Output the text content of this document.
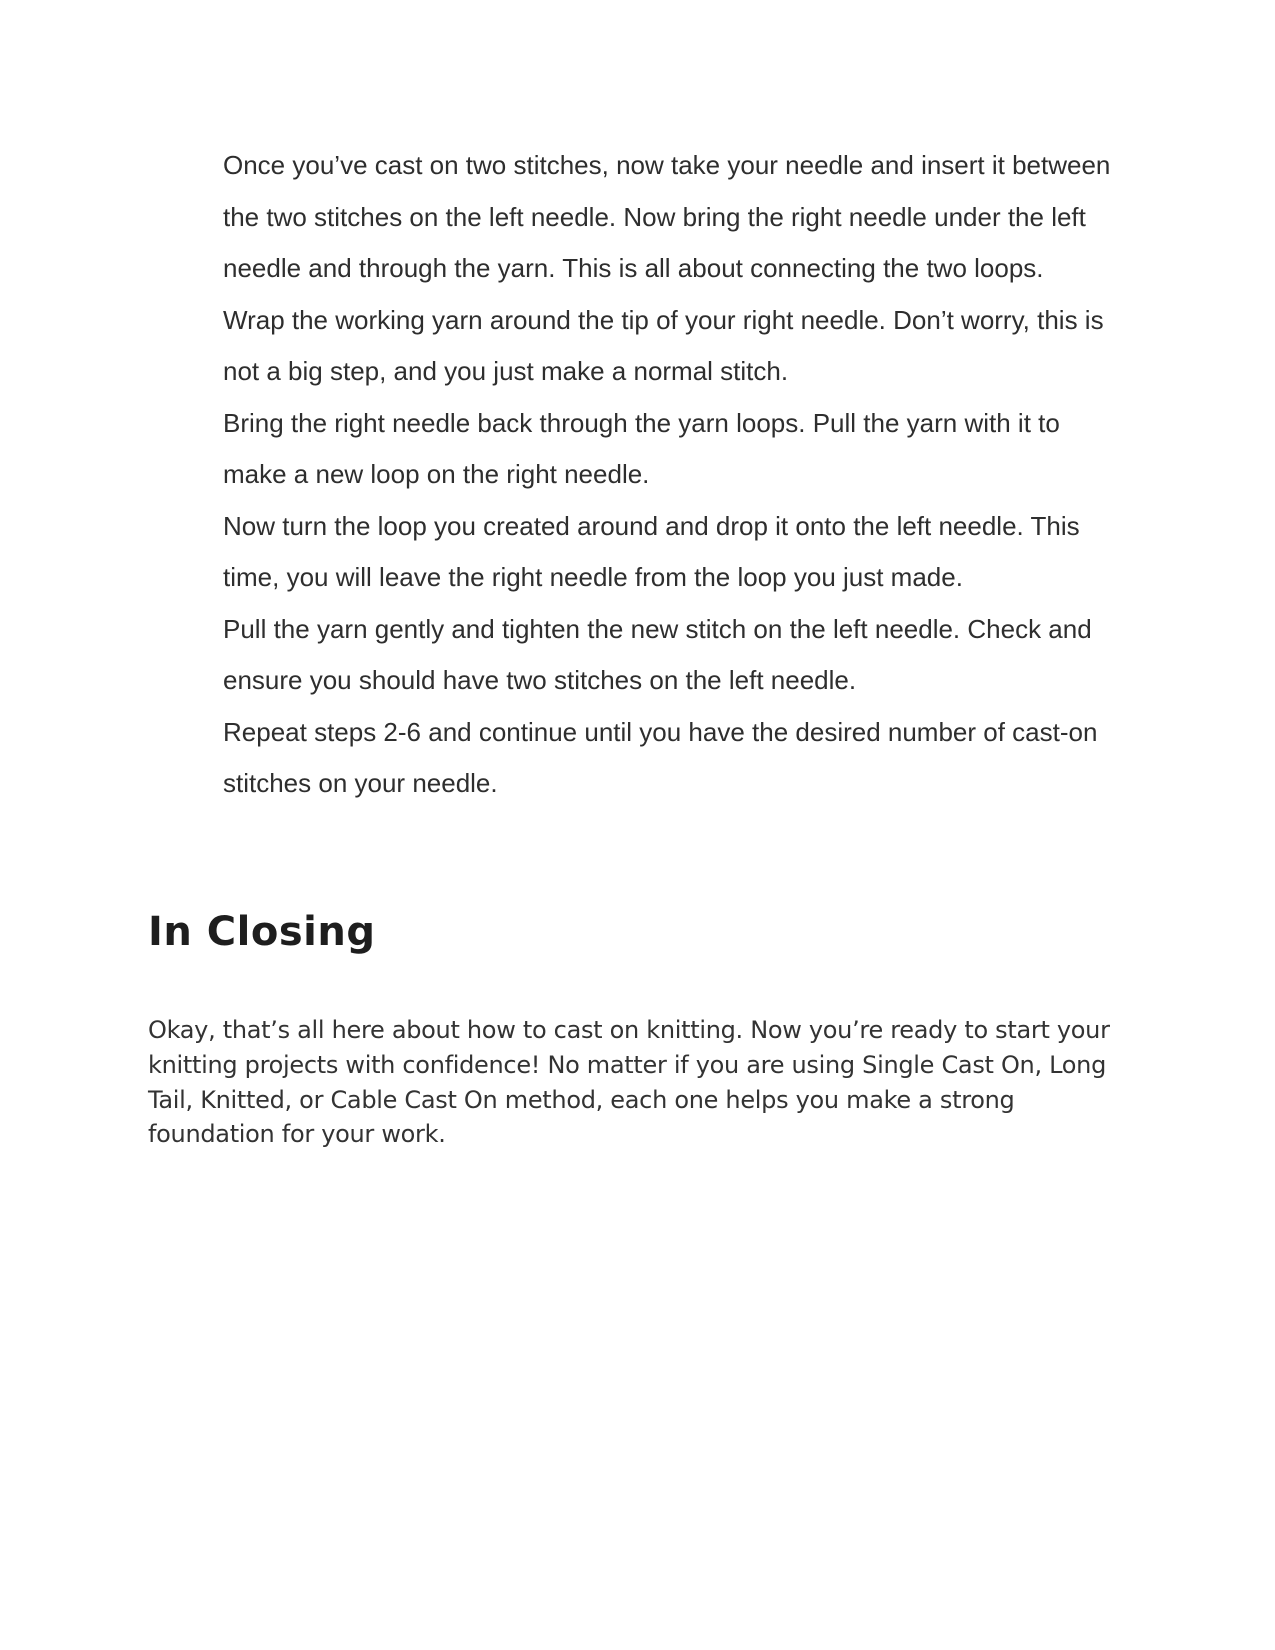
Once you’ve cast on two stitches, now take your needle and insert it between the two stitches on the left needle. Now bring the right needle under the left needle and through the yarn. This is all about connecting the two loops.
Wrap the working yarn around the tip of your right needle. Don’t worry, this is not a big step, and you just make a normal stitch.
Bring the right needle back through the yarn loops. Pull the yarn with it to make a new loop on the right needle.
Now turn the loop you created around and drop it onto the left needle. This time, you will leave the right needle from the loop you just made.
Pull the yarn gently and tighten the new stitch on the left needle. Check and ensure you should have two stitches on the left needle.
Repeat steps 2-6 and continue until you have the desired number of cast-on stitches on your needle.
In Closing

Okay, that’s all here about how to cast on knitting. Now you’re ready to start your knitting projects with confidence! No matter if you are using Single Cast On, Long Tail, Knitted, or Cable Cast On method, each one helps you make a strong foundation for your work.
